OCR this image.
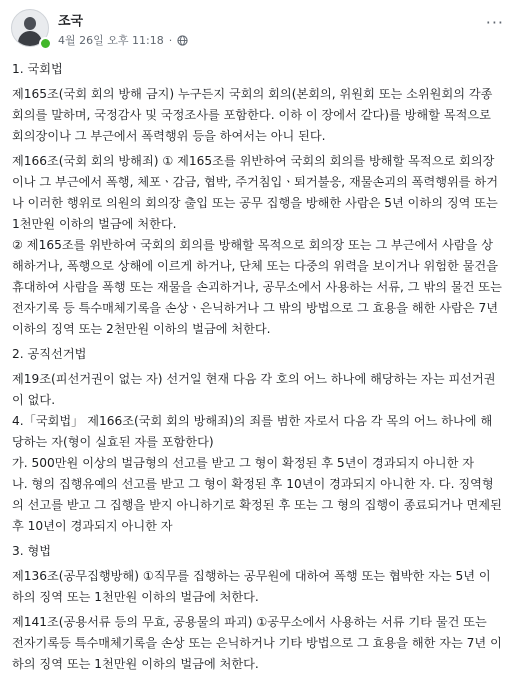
조국
4월 26일 오후 11:18 ·
···

1. 국회법

제165조(국회 회의 방해 금지) 누구든지 국회의 회의(본회의, 위원회 또는 소위원회의 각종 회의를 말하며, 국정감사 및 국정조사를 포함한다. 이하 이 장에서 같다)를 방해할 목적으로 회의장이나 그 부근에서 폭력행위 등을 하여서는 아니 된다.

제166조(국회 회의 방해죄) ① 제165조를 위반하여 국회의 회의를 방해할 목적으로 회의장이나 그 부근에서 폭행, 체포ㆍ감금, 협박, 주거침입ㆍ퇴거불응, 재물손괴의 폭력행위를 하거나 이러한 행위로 의원의 회의장 출입 또는 공무 집행을 방해한 사람은 5년 이하의 징역 또는 1천만원 이하의 벌금에 처한다.

② 제165조를 위반하여 국회의 회의를 방해할 목적으로 회의장 또는 그 부근에서 사람을 상해하거나, 폭행으로 상해에 이르게 하거나, 단체 또는 다중의 위력을 보이거나 위험한 물건을 휴대하여 사람을 폭행 또는 재물을 손괴하거나, 공무소에서 사용하는 서류, 그 밖의 물건 또는 전자기록 등 특수매체기록을 손상ㆍ은닉하거나 그 밖의 방법으로 그 효용을 해한 사람은 7년 이하의 징역 또는 2천만원 이하의 벌금에 처한다.

2. 공직선거법

제19조(피선거권이 없는 자) 선거일 현재 다음 각 호의 어느 하나에 해당하는 자는 피선거권이 없다.

4.「국회법」 제166조(국회 회의 방해죄)의 죄를 범한 자로서 다음 각 목의 어느 하나에 해당하는 자(형이 실효된 자를 포함한다)

가. 500만원 이상의 벌금형의 선고를 받고 그 형이 확정된 후 5년이 경과되지 아니한 자

나. 형의 집행유예의 선고를 받고 그 형이 확정된 후 10년이 경과되지 아니한 자. 다. 징역형의 선고를 받고 그 집행을 받지 아니하기로 확정된 후 또는 그 형의 집행이 종료되거나 면제된 후 10년이 경과되지 아니한 자

3. 형법

제136조(공무집행방해) ①직무를 집행하는 공무원에 대하여 폭행 또는 협박한 자는 5년 이하의 징역 또는 1천만원 이하의 벌금에 처한다.

제141조(공용서류 등의 무효, 공용물의 파괴) ①공무소에서 사용하는 서류 기타 물건 또는 전자기록등 특수매체기록을 손상 또는 은닉하거나 기타 방법으로 그 효용을 해한 자는 7년 이하의 징역 또는 1천만원 이하의 벌금에 처한다.
